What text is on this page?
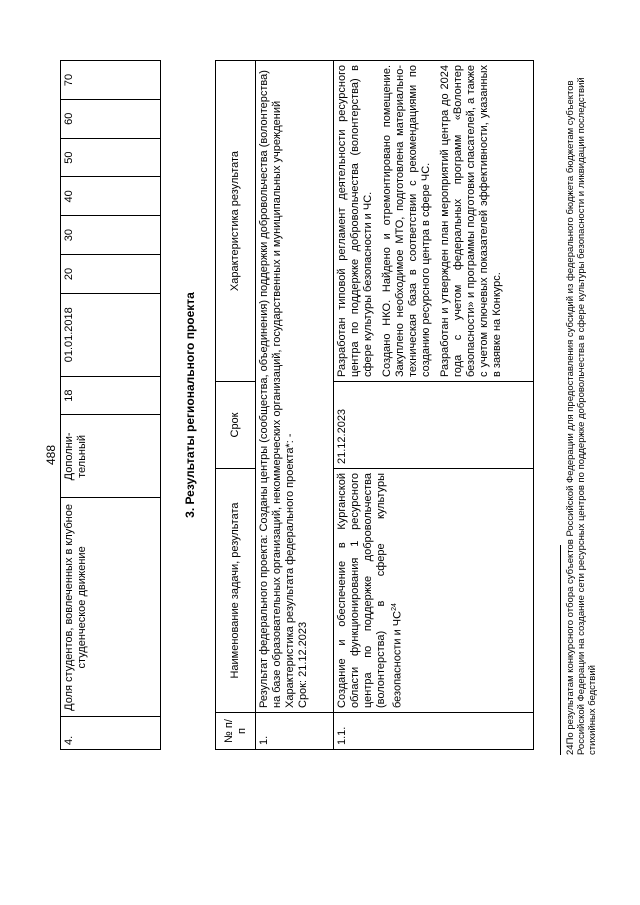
488
4.	Доля студентов, вовлеченных в клубное студенческое движение	Дополни-тельный	18	01.01.2018	20	30	40	50	60	70
3. Результаты регионального проекта
№ п/п	Наименование задачи, результата	Срок	Характеристика результата
1.	Результат федерального проекта: Созданы центры (сообщества, объединения) поддержки добровольчества (волонтерства) на базе образовательных организаций, некоммерческих организаций, государственных и муниципальных учреждений Характеристика результата федерального проекта*: - Срок: 21.12.2023		

1.1.	Создание и обеспечение в Курганской области функционирования 1 ресурсного центра по поддержке добровольчества (волонтерства) в сфере культуры безопасности и ЧС$^{24}$	21.12.2023	Разработан типовой регламент деятельности ресурсного центра по поддержке добровольчества (волонтерства) в сфере культуры безопасности и ЧС. Создано НКО. Найдено и отремонтировано помещение. Закуплено необходимое МТО, подготовлена материально-техническая база в соответствии с рекомендациями по созданию ресурсного центра в сфере ЧС. Разработан и утвержден план мероприятий центра до 2024 года с учетом федеральных программ «Волонтер безопасности» и программы подготовки спасателей, а также с учетом ключевых показателей эффективности, указанных в заявке на Конкурс.	24По результатам конкурсного отбора субъектов Российской Федерации для предоставления субсидий из федерального бюджета бюджетам субъектов Российской Федерации на создание сети ресурсных центров по поддержке добровольчества в сфере культуры безопасности и ликвидации последствий стихийных бедствий
